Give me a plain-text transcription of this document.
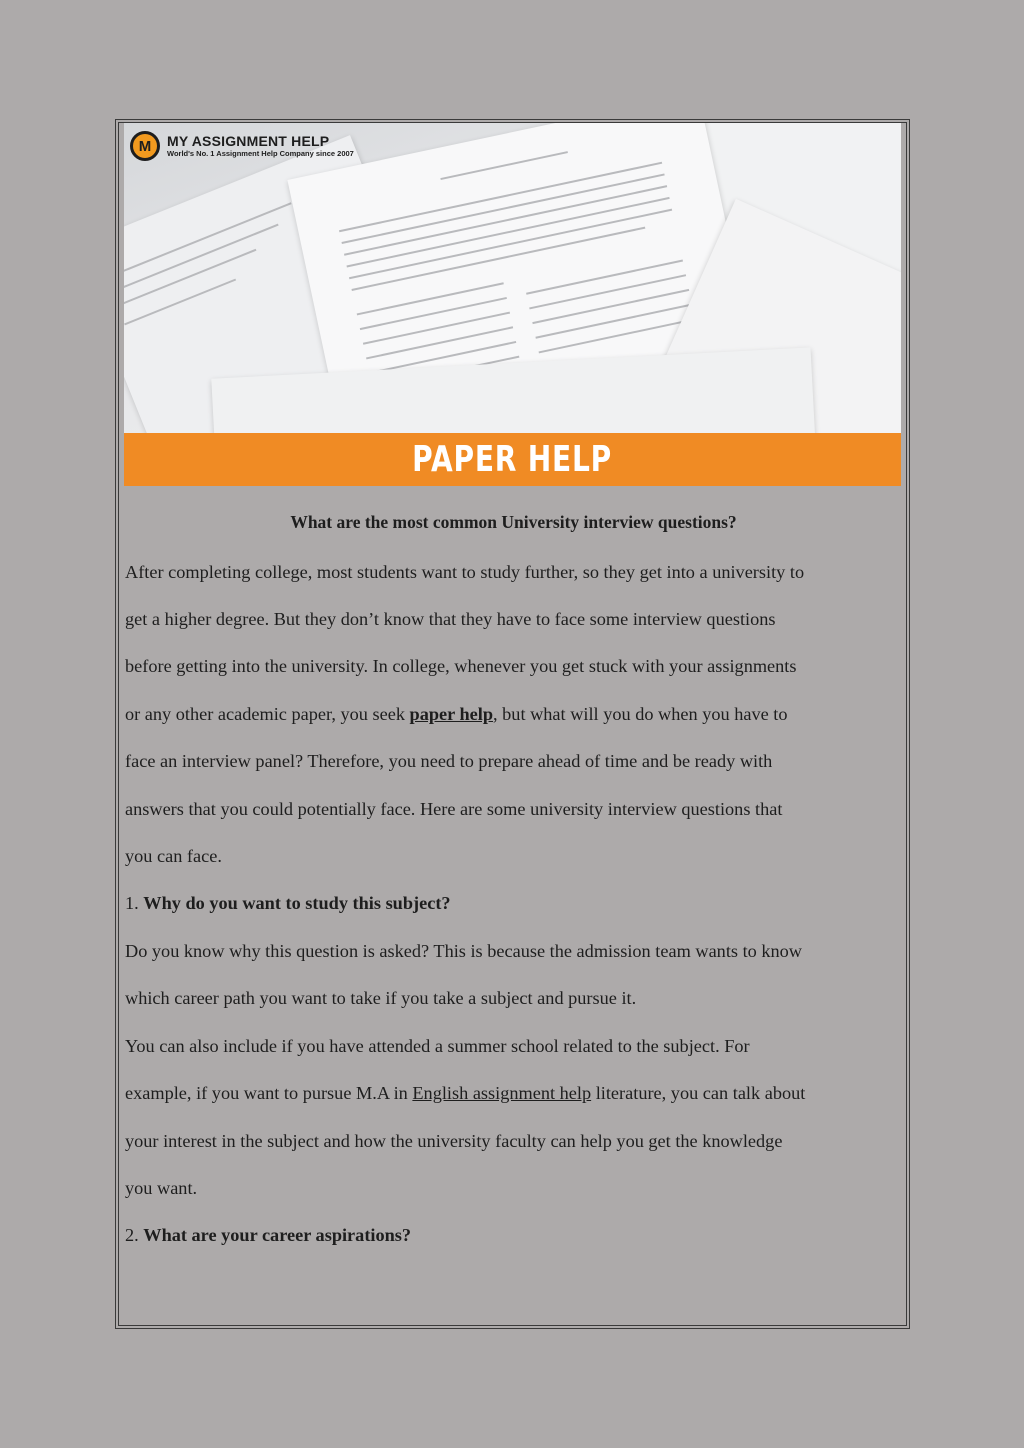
M	MY ASSIGNMENT HELP
World's No. 1 Assignment Help Company since 2007
PAPER HELP
What are the most common University interview questions?
After completing college, most students want to study further, so they get into a university to
get a higher degree. But they don’t know that they have to face some interview questions
before getting into the university. In college, whenever you get stuck with your assignments
or any other academic paper, you seek paper help, but what will you do when you have to
face an interview panel? Therefore, you need to prepare ahead of time and be ready with
answers that you could potentially face. Here are some university interview questions that
you can face.
1. Why do you want to study this subject?
Do you know why this question is asked? This is because the admission team wants to know
which career path you want to take if you take a subject and pursue it.
You can also include if you have attended a summer school related to the subject. For
example, if you want to pursue M.A in English assignment help literature, you can talk about
your interest in the subject and how the university faculty can help you get the knowledge
you want.
2. What are your career aspirations?
